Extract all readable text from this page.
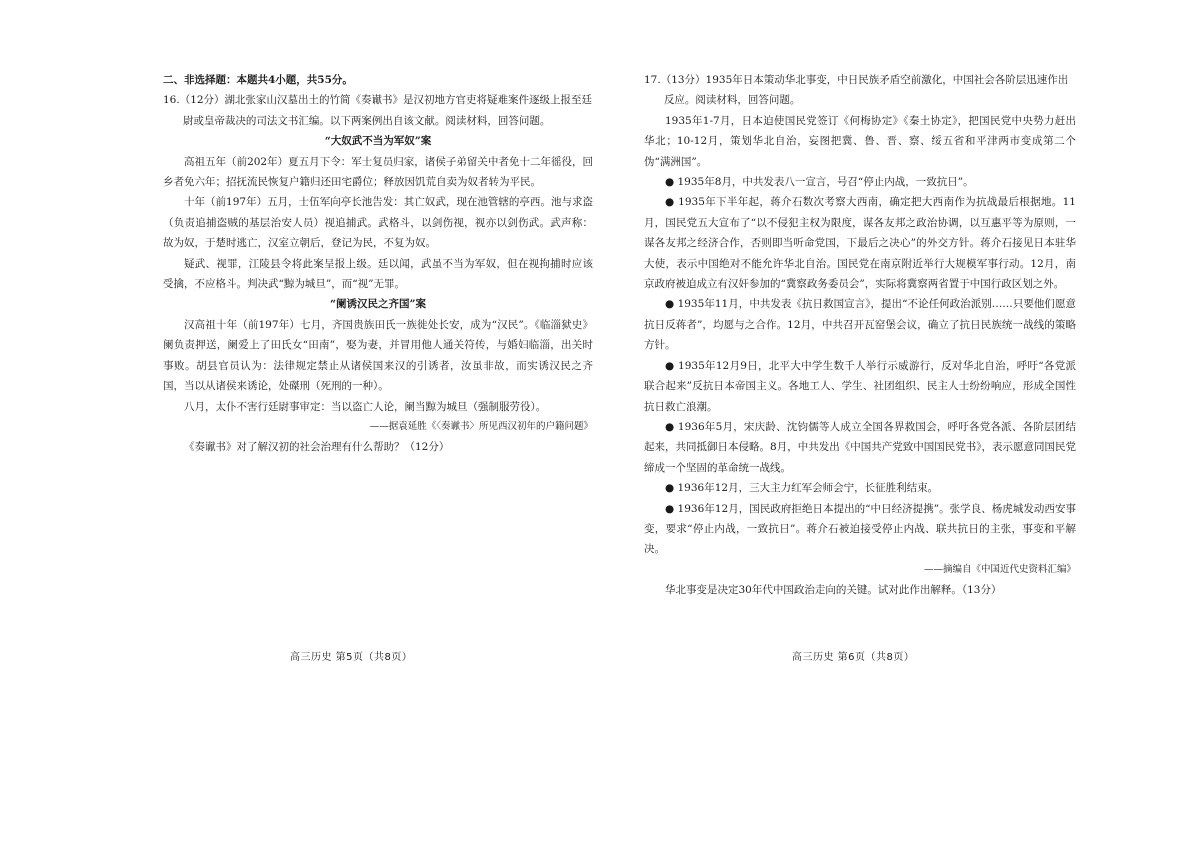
二、非选择题：本题共4小题，共55分。

16.（12分）湖北张家山汉墓出土的竹简《奏谳书》是汉初地方官吏将疑难案件逐级上报至廷尉或皇帝裁决的司法文书汇编。以下两案例出自该文献。阅读材料，回答问题。

“大奴武不当为军奴”案

高祖五年（前202年）夏五月下令：军士复员归家，诸侯子弟留关中者免十二年徭役，回乡者免六年；招抚流民恢复户籍归还田宅爵位；释放因饥荒自卖为奴者转为平民。

十年（前197年）五月，士伍军向亭长池告发：其亡奴武，现在池管辖的亭西。池与求盗（负责追捕盗贼的基层治安人员）视追捕武。武格斗，以剑伤视，视亦以剑伤武。武声称：故为奴，于楚时逃亡，汉室立朝后，登记为民，不复为奴。

疑武、视罪，江陵县令将此案呈报上级。廷以闻，武虽不当为军奴，但在视拘捕时应该受擒，不应格斗。判决武“黥为城旦”，而“视”无罪。

“阑诱汉民之齐国”案

汉高祖十年（前197年）七月，齐国贵族田氏一族徙处长安，成为“汉民”。《临淄狱史》阑负责押送，阑爱上了田氏女“田南”，娶为妻，并冒用他人通关符传，与婚妇临淄，出关时事败。胡县官员认为：法律规定禁止从诸侯国来汉的引诱者，汝虽非故，而实诱汉民之齐国，当以从诸侯来诱论，处磔刑（死刑的一种）。

八月，太仆不害行廷尉事审定：当以盗亡人论，阑当黥为城旦（强制服劳役）。

——据袁延胜《〈奏谳书〉所见西汉初年的户籍问题》

《奏谳书》对了解汉初的社会治理有什么帮助？（12分）

高三历史 第5页（共8页）

17.（13分）1935年日本策动华北事变，中日民族矛盾空前激化，中国社会各阶层迅速作出反应。阅读材料，回答问题。

1935年1-7月，日本迫使国民党签订《何梅协定》《秦土协定》，把国民党中央势力赶出华北；10-12月，策划华北自治，妄图把冀、鲁、晋、察、绥五省和平津两市变成第二个伪“满洲国”。

● 1935年8月，中共发表八一宣言，号召“停止内战，一致抗日”。

● 1935年下半年起，蒋介石数次考察大西南，确定把大西南作为抗战最后根据地。11月，国民党五大宣布了“以不侵犯主权为限度，谋各友邦之政治协调，以互惠平等为原则，一谋各友邦之经济合作，否则即当听命党国，下最后之决心”的外交方针。蒋介石接见日本驻华大使，表示中国绝对不能允许华北自治。国民党在南京附近举行大规模军事行动。12月，南京政府被迫成立有汉奸参加的“冀察政务委员会”，实际将冀察两省置于中国行政区划之外。

● 1935年11月，中共发表《抗日救国宣言》，提出“不论任何政治派别……只要他们愿意抗日反蒋者”，均愿与之合作。12月，中共召开瓦窑堡会议，确立了抗日民族统一战线的策略方针。

● 1935年12月9日，北平大中学生数千人举行示威游行，反对华北自治，呼吁“各党派联合起来”反抗日本帝国主义。各地工人、学生、社团组织、民主人士纷纷响应，形成全国性抗日救亡浪潮。

● 1936年5月，宋庆龄、沈钧儒等人成立全国各界救国会，呼吁各党各派、各阶层团结起来，共同抵御日本侵略。8月，中共发出《中国共产党致中国国民党书》，表示愿意同国民党缔成一个坚固的革命统一战线。

● 1936年12月，三大主力红军会师会宁，长征胜利结束。

● 1936年12月，国民政府拒绝日本提出的“中日经济提携”。张学良、杨虎城发动西安事变，要求“停止内战，一致抗日”。蒋介石被迫接受停止内战、联共抗日的主张，事变和平解决。

——摘编自《中国近代史资料汇编》

华北事变是决定30年代中国政治走向的关键。试对此作出解释。（13分）

高三历史 第6页（共8页）
